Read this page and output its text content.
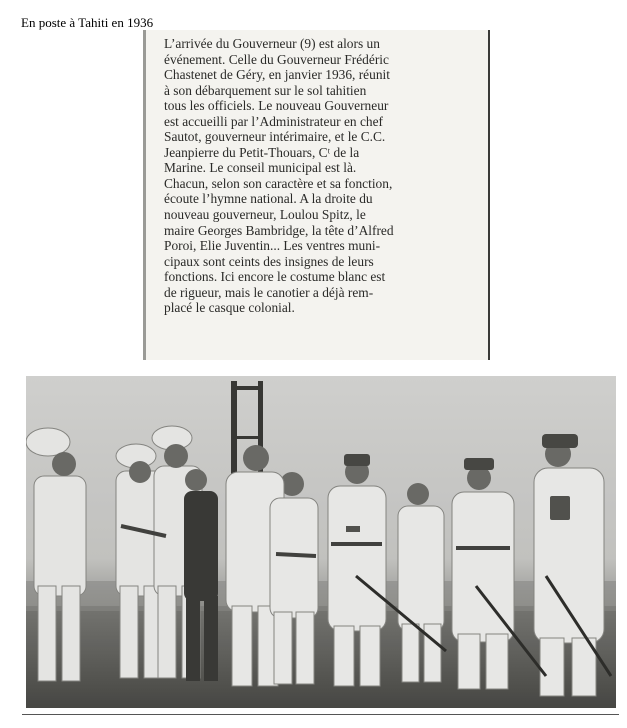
En poste à Tahiti en 1936
L’arrivée du Gouverneur (9) est alors un
événement. Celle du Gouverneur Frédéric
Chastenet de Géry, en janvier 1936, réunit
à son débarquement sur le sol tahitien
tous les officiels. Le nouveau Gouverneur
est accueilli par l’Administrateur en chef
Sautot, gouverneur intérimaire, et le C.C.
Jeanpierre du Petit-Thouars, Cᵗ de la
Marine. Le conseil municipal est là.
Chacun, selon son caractère et sa fonction,
écoute l’hymne national. A la droite du
nouveau gouverneur, Loulou Spitz, le
maire Georges Bambridge, la tête d’Alfred
Poroi, Elie Juventin... Les ventres muni-
cipaux sont ceints des insignes de leurs
fonctions. Ici encore le costume blanc est
de rigueur, mais le canotier a déjà rem-
placé le casque colonial.
